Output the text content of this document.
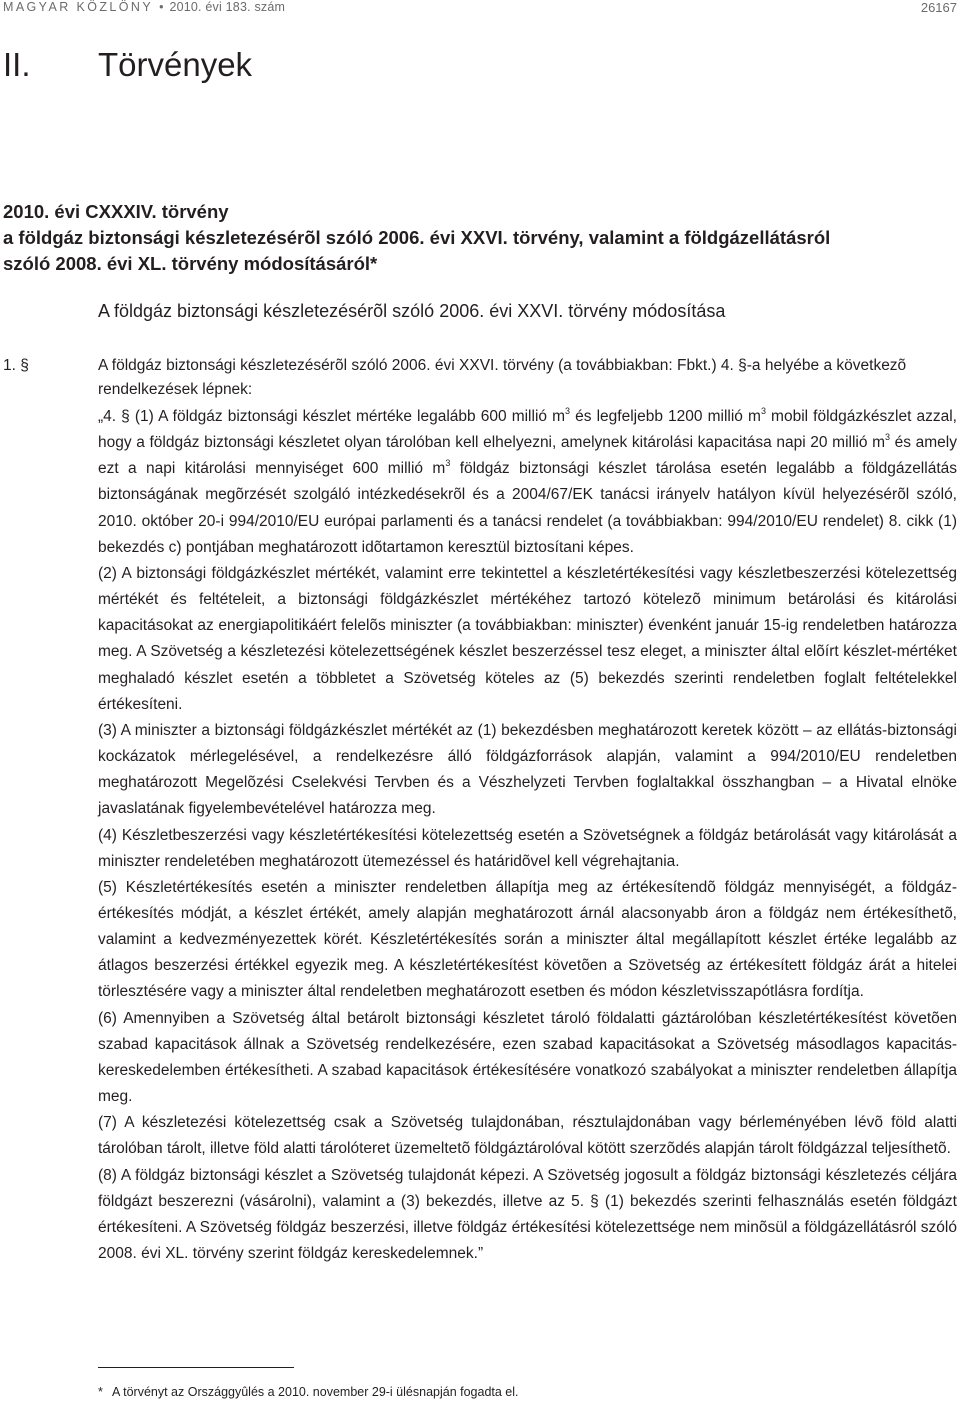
MAGYAR KÖZLÖNY • 2010. évi 183. szám	26167
II. Törvények
2010. évi CXXXIV. törvény
a földgáz biztonsági készletezésérõl szóló 2006. évi XXVI. törvény, valamint a földgázellátásról
szóló 2008. évi XL. törvény módosításáról*
A földgáz biztonsági készletezésérõl szóló 2006. évi XXVI. törvény módosítása
1. §	A földgáz biztonsági készletezésérõl szóló 2006. évi XXVI. törvény (a továbbiakban: Fbkt.) 4. §-a helyébe a következõ rendelkezések lépnek:

„4. § (1) A földgáz biztonsági készlet mértéke legalább 600 millió $m^3$ és legfeljebb 1200 millió $m^3$ mobil földgázkészlet azzal, hogy a földgáz biztonsági készletet olyan tárolóban kell elhelyezni, amelynek kitárolási kapacitása napi 20 millió $m^3$ és amely ezt a napi kitárolási mennyiséget 600 millió $m^3$ földgáz biztonsági készlet tárolása esetén legalább a földgázellátás biztonságának megõrzését szolgáló intézkedésekrõl és a 2004/67/EK tanácsi irányelv hatályon kívül helyezésérõl szóló, 2010. október 20-i 994/2010/EU európai parlamenti és a tanácsi rendelet (a továbbiakban: 994/2010/EU rendelet) 8. cikk (1) bekezdés c) pontjában meghatározott idõtartamon keresztül biztosítani képes.

(2) A biztonsági földgázkészlet mértékét, valamint erre tekintettel a készletértékesítési vagy készletbeszerzési kötelezettség mértékét és feltételeit, a biztonsági földgázkészlet mértékéhez tartozó kötelezõ minimum betárolási és kitárolási kapacitásokat az energiapolitikáért felelõs miniszter (a továbbiakban: miniszter) évenként január 15-ig rendeletben határozza meg. A Szövetség a készletezési kötelezettségének készlet beszerzéssel tesz eleget, a miniszter által elõírt készlet-mértéket meghaladó készlet esetén a többletet a Szövetség köteles az (5) bekezdés szerinti rendeletben foglalt feltételekkel értékesíteni.

(3) A miniszter a biztonsági földgázkészlet mértékét az (1) bekezdésben meghatározott keretek között – az ellátás-biztonsági kockázatok mérlegelésével, a rendelkezésre álló földgázforrások alapján, valamint a 994/2010/EU rendeletben meghatározott Megelõzési Cselekvési Tervben és a Vészhelyzeti Tervben foglaltakkal összhangban – a Hivatal elnöke javaslatának figyelembevételével határozza meg.

(4) Készletbeszerzési vagy készletértékesítési kötelezettség esetén a Szövetségnek a földgáz betárolását vagy kitárolását a miniszter rendeletében meghatározott ütemezéssel és határidõvel kell végrehajtania.

(5) Készletértékesítés esetén a miniszter rendeletben állapítja meg az értékesítendõ földgáz mennyiségét, a földgáz-értékesítés módját, a készlet értékét, amely alapján meghatározott árnál alacsonyabb áron a földgáz nem értékesíthetõ, valamint a kedvezményezettek körét. Készletértékesítés során a miniszter által megállapított készlet értéke legalább az átlagos beszerzési értékkel egyezik meg. A készletértékesítést követõen a Szövetség az értékesített földgáz árát a hitelei törlesztésére vagy a miniszter által rendeletben meghatározott esetben és módon készletvisszapótlásra fordítja.

(6) Amennyiben a Szövetség által betárolt biztonsági készletet tároló földalatti gáztárolóban készletértékesítést követõen szabad kapacitások állnak a Szövetség rendelkezésére, ezen szabad kapacitásokat a Szövetség másodlagos kapacitás-kereskedelemben értékesítheti. A szabad kapacitások értékesítésére vonatkozó szabályokat a miniszter rendeletben állapítja meg.

(7) A készletezési kötelezettség csak a Szövetség tulajdonában, résztulajdonában vagy bérleményében lévõ föld alatti tárolóban tárolt, illetve föld alatti tárolóteret üzemeltetõ földgáztárolóval kötött szerzõdés alapján tárolt földgázzal teljesíthetõ.

(8) A földgáz biztonsági készlet a Szövetség tulajdonát képezi. A Szövetség jogosult a földgáz biztonsági készletezés céljára földgázt beszerezni (vásárolni), valamint a (3) bekezdés, illetve az 5. § (1) bekezdés szerinti felhasználás esetén földgázt értékesíteni. A Szövetség földgáz beszerzési, illetve földgáz értékesítési kötelezettsége nem minõsül a földgázellátásról szóló 2008. évi XL. törvény szerint földgáz kereskedelemnek.”

* A törvényt az Országgyûlés a 2010. november 29-i ülésnapján fogadta el.
